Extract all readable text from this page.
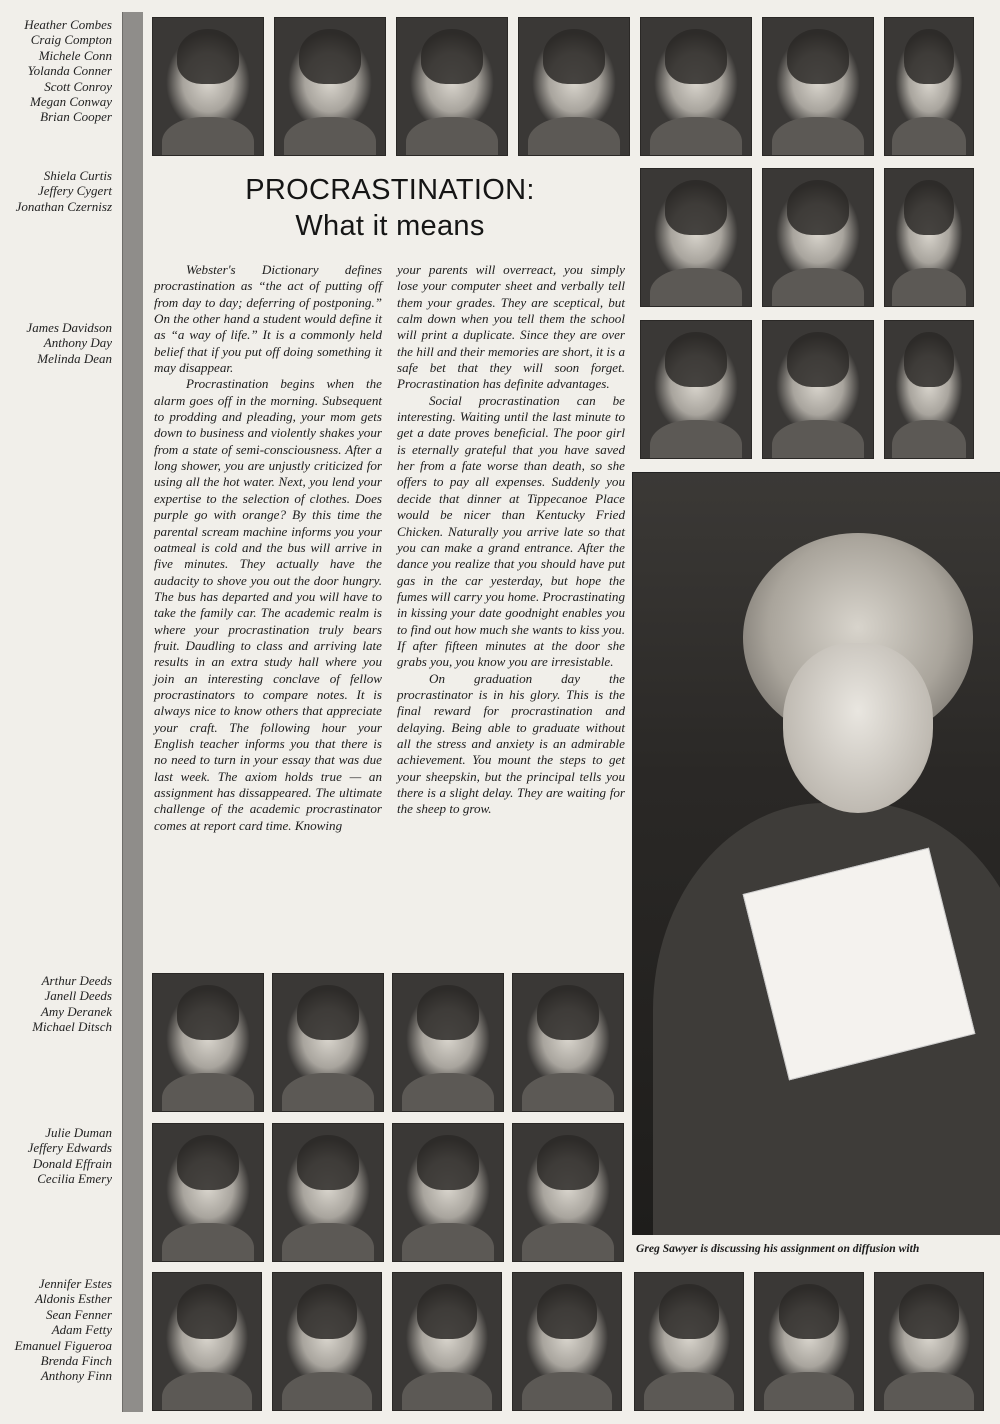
Heather Combes
Craig Compton
Michele Conn
Yolanda Conner
Scott Conroy
Megan Conway
Brian Cooper
Shiela Curtis
Jeffery Cygert
Jonathan Czernisz
James Davidson
Anthony Day
Melinda Dean
Arthur Deeds
Janell Deeds
Amy Deranek
Michael Ditsch
Julie Duman
Jeffery Edwards
Donald Effrain
Cecilia Emery
Jennifer Estes
Aldonis Esther
Sean Fenner
Adam Fetty
Emanuel Figueroa
Brenda Finch
Anthony Finn
PROCRASTINATION:
What it means

Webster's Dictionary defines procrastination as “the act of putting off from day to day; deferring of postponing.” On the other hand a student would define it as “a way of life.” It is a commonly held belief that if you put off doing something it may disappear.

Procrastination begins when the alarm goes off in the morning. Subsequent to prodding and pleading, your mom gets down to business and violently shakes your from a state of semi-consciousness. After a long shower, you are unjustly criticized for using all the hot water. Next, you lend your expertise to the selection of clothes. Does purple go with orange? By this time the parental scream machine informs you your oatmeal is cold and the bus will arrive in five minutes. They actually have the audacity to shove you out the door hungry. The bus has departed and you will have to take the family car. The academic realm is where your procrastination truly bears fruit. Daudling to class and arriving late results in an extra study hall where you join an interesting conclave of fellow procrastinators to compare notes. It is always nice to know others that appreciate your craft. The following hour your English teacher informs you that there is no need to turn in your essay that was due last week. The axiom holds true — an assignment has dissappeared. The ultimate challenge of the academic procrastinator comes at report card time. Knowing

your parents will overreact, you simply lose your computer sheet and verbally tell them your grades. They are sceptical, but calm down when you tell them the school will print a duplicate. Since they are over the hill and their memories are short, it is a safe bet that they will soon forget. Procrastination has definite advantages.

Social procrastination can be interesting. Waiting until the last minute to get a date proves beneficial. The poor girl is eternally grateful that you have saved her from a fate worse than death, so she offers to pay all expenses. Suddenly you decide that dinner at Tippecanoe Place would be nicer than Kentucky Fried Chicken. Naturally you arrive late so that you can make a grand entrance. After the dance you realize that you should have put gas in the car yesterday, but hope the fumes will carry you home. Procrastinating in kissing your date goodnight enables you to find out how much she wants to kiss you. If after fifteen minutes at the door she grabs you, you know you are irresistable.

On graduation day the procrastinator is in his glory. This is the final reward for procrastination and delaying. Being able to graduate without all the stress and anxiety is an admirable achievement. You mount the steps to get your sheepskin, but the principal tells you there is a slight delay. They are waiting for the sheep to grow.

Greg Sawyer is discussing his assignment on diffusion with
